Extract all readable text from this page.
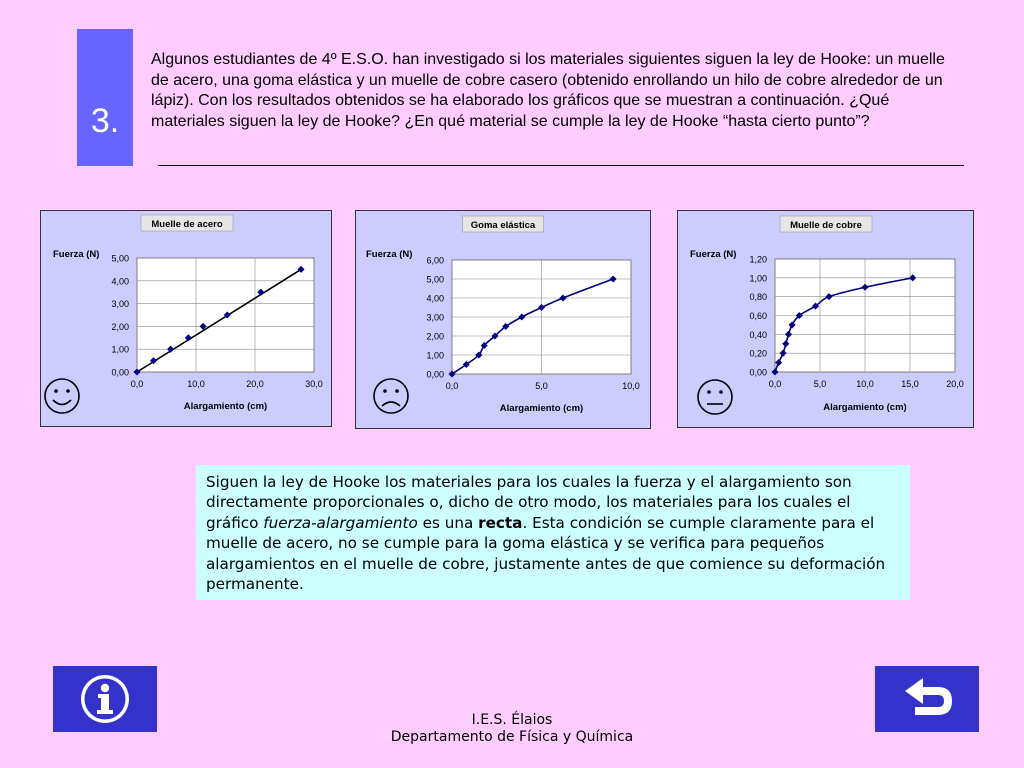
3.
Algunos estudiantes de 4º E.S.O. han investigado si los materiales siguientes siguen la ley de Hooke: un muelle de acero, una goma elástica y un muelle de cobre casero (obtenido enrollando un hilo de cobre alrededor de un lápiz). Con los resultados obtenidos se ha elaborado los gráficos que se muestran a continuación. ¿Qué materiales siguen la ley de Hooke? ¿En qué material se cumple la ley de Hooke “hasta cierto punto”?
Muelle de acero
0,00
1,00
2,00
3,00
4,00
5,00
0,0	10,0	20,0	30,0
Fuerza (N)
Alargamiento (cm)
Goma elástica
0,00
1,00
2,00
3,00
4,00
5,00
6,00
0,0	5,0	10,0
Fuerza (N)
Alargamiento (cm)
Muelle de cobre
0,00
0,20
0,40
0,60
0,80
1,00
1,20
0,0	5,0	10,0	15,0	20,0
Fuerza (N)
Alargamiento (cm)
Siguen la ley de Hooke los materiales para los cuales la fuerza y el alargamiento son directamente proporcionales o, dicho de otro modo, los materiales para los cuales el gráfico fuerza-alargamiento es una recta. Esta condición se cumple claramente para el muelle de acero, no se cumple para la goma elástica y se verifica para pequeños alargamientos en el muelle de cobre, justamente antes de que comience su deformación permanente.
I.E.S. Élaios
Departamento de Física y Química
